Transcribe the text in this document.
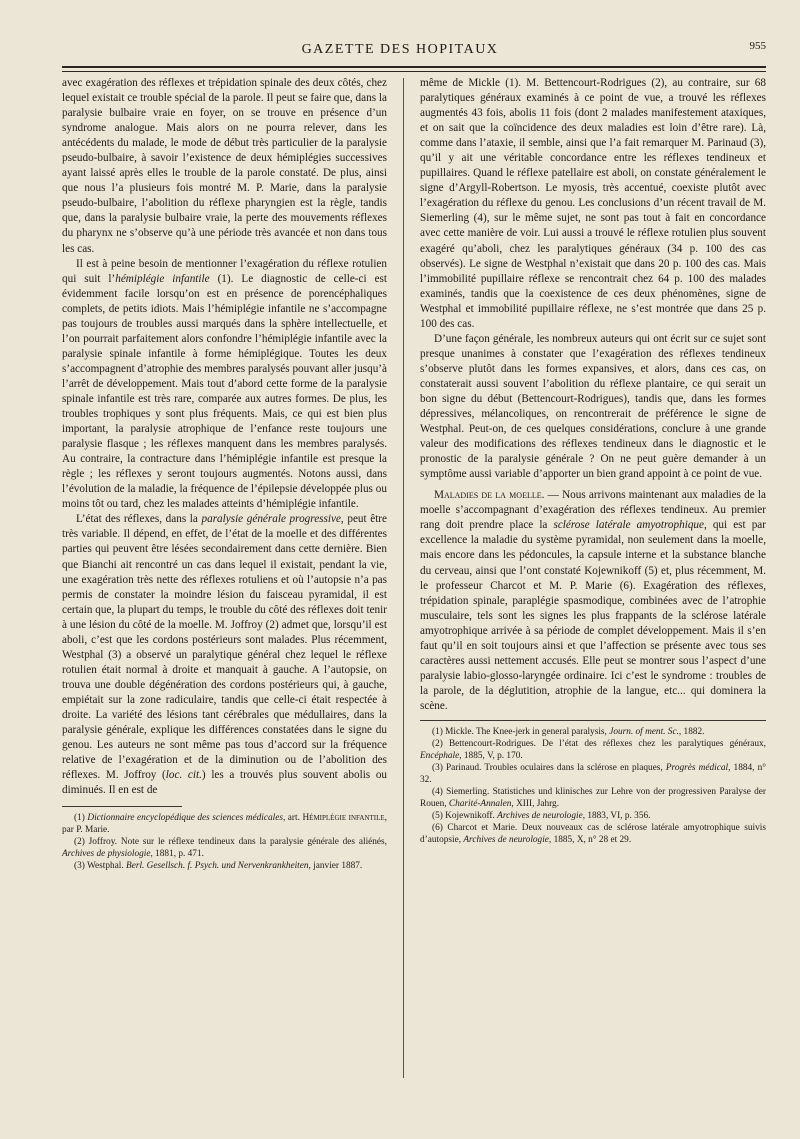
GAZETTE DES HOPITAUX	955

avec exagération des réflexes et trépidation spinale des deux côtés, chez lequel existait ce trouble spécial de la parole. Il peut se faire que, dans la paralysie bulbaire vraie en foyer, on se trouve en présence d’un syndrome analogue. Mais alors on ne pourra relever, dans les antécédents du malade, le mode de début très particulier de la paralysie pseudo-bulbaire, à savoir l’existence de deux hémiplégies successives ayant laissé après elles le trouble de la parole constaté. De plus, ainsi que nous l’a plusieurs fois montré M. P. Marie, dans la paralysie pseudo-bulbaire, l’abolition du réflexe pharyngien est la règle, tandis que, dans la paralysie bulbaire vraie, la perte des mouvements réflexes du pharynx ne s’observe qu’à une période très avancée et non dans tous les cas.

Il est à peine besoin de mentionner l’exagération du réflexe rotulien qui suit l’hémiplégie infantile (1). Le diagnostic de celle-ci est évidemment facile lorsqu’on est en présence de porencéphaliques complets, de petits idiots. Mais l’hémiplégie infantile ne s’accompagne pas toujours de troubles aussi marqués dans la sphère intellectuelle, et l’on pourrait parfaitement alors confondre l’hémiplégie infantile avec la paralysie spinale infantile à forme hémiplégique. Toutes les deux s’accompagnent d’atrophie des membres paralysés pouvant aller jusqu’à l’arrêt de développement. Mais tout d’abord cette forme de la paralysie spinale infantile est très rare, comparée aux autres formes. De plus, les troubles trophiques y sont plus fréquents. Mais, ce qui est bien plus important, la paralysie atrophique de l’enfance reste toujours une paralysie flasque ; les réflexes manquent dans les membres paralysés. Au contraire, la contracture dans l’hémiplégie infantile est presque la règle ; les réflexes y seront toujours augmentés. Notons aussi, dans l’évolution de la maladie, la fréquence de l’épilepsie développée plus ou moins tôt ou tard, chez les malades atteints d’hémiplégie infantile.

L’état des réflexes, dans la paralysie générale progressive, peut être très variable. Il dépend, en effet, de l’état de la moelle et des différentes parties qui peuvent être lésées secondairement dans cette dernière. Bien que Bianchi ait rencontré un cas dans lequel il existait, pendant la vie, une exagération très nette des réflexes rotuliens et où l’autopsie n’a pas permis de constater la moindre lésion du faisceau pyramidal, il est certain que, la plupart du temps, le trouble du côté des réflexes doit tenir à une lésion du côté de la moelle. M. Joffroy (2) admet que, lorsqu’il est aboli, c’est que les cordons postérieurs sont malades. Plus récemment, Westphal (3) a observé un paralytique général chez lequel le réflexe rotulien était normal à droite et manquait à gauche. A l’autopsie, on trouva une double dégénération des cordons postérieurs qui, à gauche, empiétait sur la zone radiculaire, tandis que celle-ci était respectée à droite. La variété des lésions tant cérébrales que médullaires, dans la paralysie générale, explique les différences constatées dans le signe du genou. Les auteurs ne sont même pas tous d’accord sur la fréquence relative de l’exagération et de la diminution ou de l’abolition des réflexes. M. Joffroy (loc. cit.) les a trouvés plus souvent abolis ou diminués. Il en est de

(1) Dictionnaire encyclopédique des sciences médicales, art. Hémiplégie infantile, par P. Marie.

(2) Joffroy. Note sur le réflexe tendineux dans la paralysie générale des aliénés, Archives de physiologie, 1881, p. 471.

(3) Westphal. Berl. Gesellsch. f. Psych. und Nervenkrankheiten, janvier 1887.

même de Mickle (1). M. Bettencourt-Rodrigues (2), au contraire, sur 68 paralytiques généraux examinés à ce point de vue, a trouvé les réflexes augmentés 43 fois, abolis 11 fois (dont 2 malades manifestement ataxiques, et on sait que la coïncidence des deux maladies est loin d’être rare). Là, comme dans l’ataxie, il semble, ainsi que l’a fait remarquer M. Parinaud (3), qu’il y ait une véritable concordance entre les réflexes tendineux et pupillaires. Quand le réflexe patellaire est aboli, on constate généralement le signe d’Argyll-Robertson. Le myosis, très accentué, coexiste plutôt avec l’exagération du réflexe du genou. Les conclusions d’un récent travail de M. Siemerling (4), sur le même sujet, ne sont pas tout à fait en concordance avec cette manière de voir. Lui aussi a trouvé le réflexe rotulien plus souvent exagéré qu’aboli, chez les paralytiques généraux (34 p. 100 des cas observés). Le signe de Westphal n’existait que dans 20 p. 100 des cas. Mais l’immobilité pupillaire réflexe se rencontrait chez 64 p. 100 des malades examinés, tandis que la coexistence de ces deux phénomènes, signe de Westphal et immobilité pupillaire réflexe, ne s’est montrée que dans 25 p. 100 des cas.

D’une façon générale, les nombreux auteurs qui ont écrit sur ce sujet sont presque unanimes à constater que l’exagération des réflexes tendineux s’observe plutôt dans les formes expansives, et alors, dans ces cas, on constaterait aussi souvent l’abolition du réflexe plantaire, ce qui serait un bon signe du début (Bettencourt-Rodrigues), tandis que, dans les formes dépressives, mélancoliques, on rencontrerait de préférence le signe de Westphal. Peut-on, de ces quelques considérations, conclure à une grande valeur des modifications des réflexes tendineux dans le diagnostic et le pronostic de la paralysie générale ? On ne peut guère demander à un symptôme aussi variable d’apporter un bien grand appoint à ce point de vue.

Maladies de la moelle. — Nous arrivons maintenant aux maladies de la moelle s’accompagnant d’exagération des réflexes tendineux. Au premier rang doit prendre place la sclérose latérale amyotrophique, qui est par excellence la maladie du système pyramidal, non seulement dans la moelle, mais encore dans les pédoncules, la capsule interne et la substance blanche du cerveau, ainsi que l’ont constaté Kojewnikoff (5) et, plus récemment, M. le professeur Charcot et M. P. Marie (6). Exagération des réflexes, trépidation spinale, paraplégie spasmodique, combinées avec de l’atrophie musculaire, tels sont les signes les plus frappants de la sclérose latérale amyotrophique arrivée à sa période de complet développement. Mais il s’en faut qu’il en soit toujours ainsi et que l’affection se présente avec tous ses caractères aussi nettement accusés. Elle peut se montrer sous l’aspect d’une paralysie labio-glosso-laryngée ordinaire. Ici c’est le syndrome : troubles de la parole, de la déglutition, atrophie de la langue, etc... qui dominera la scène.

(1) Mickle. The Knee-jerk in general paralysis, Journ. of ment. Sc., 1882.

(2) Bettencourt-Rodrigues. De l’état des réflexes chez les paralytiques généraux, Encéphale, 1885, V, p. 170.

(3) Parinaud. Troubles oculaires dans la sclérose en plaques, Progrès médical, 1884, n° 32.

(4) Siemerling. Statistiches und klinisches zur Lehre von der progressiven Paralyse der Rouen, Charité-Annalen, XIII, Jahrg.

(5) Kojewnikoff. Archives de neurologie, 1883, VI, p. 356.

(6) Charcot et Marie. Deux nouveaux cas de sclérose latérale amyotrophique suivis d’autopsie, Archives de neurologie, 1885, X, n° 28 et 29.
